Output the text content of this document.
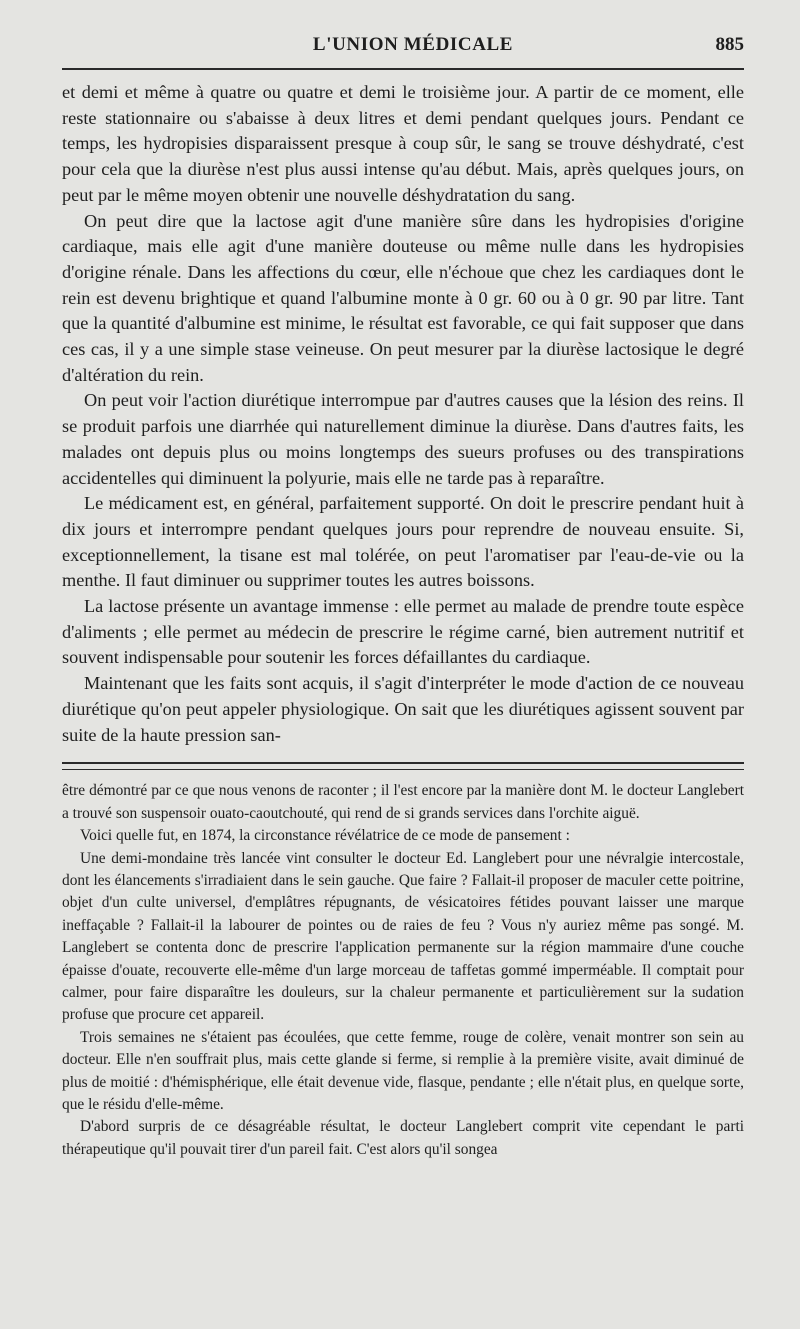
L'UNION MÉDICALE	885

et demi et même à quatre ou quatre et demi le troisième jour. A partir de ce moment, elle reste stationnaire ou s'abaisse à deux litres et demi pendant quelques jours. Pendant ce temps, les hydropisies disparaissent presque à coup sûr, le sang se trouve déshydraté, c'est pour cela que la diurèse n'est plus aussi intense qu'au début. Mais, après quelques jours, on peut par le même moyen obtenir une nouvelle déshydratation du sang.

On peut dire que la lactose agit d'une manière sûre dans les hydropisies d'origine cardiaque, mais elle agit d'une manière douteuse ou même nulle dans les hydropisies d'origine rénale. Dans les affections du cœur, elle n'échoue que chez les cardiaques dont le rein est devenu brightique et quand l'albumine monte à 0 gr. 60 ou à 0 gr. 90 par litre. Tant que la quantité d'albumine est minime, le résultat est favorable, ce qui fait supposer que dans ces cas, il y a une simple stase veineuse. On peut mesurer par la diurèse lactosique le degré d'altération du rein.

On peut voir l'action diurétique interrompue par d'autres causes que la lésion des reins. Il se produit parfois une diarrhée qui naturellement diminue la diurèse. Dans d'autres faits, les malades ont depuis plus ou moins longtemps des sueurs profuses ou des transpirations accidentelles qui diminuent la polyurie, mais elle ne tarde pas à reparaître.

Le médicament est, en général, parfaitement supporté. On doit le prescrire pendant huit à dix jours et interrompre pendant quelques jours pour reprendre de nouveau ensuite. Si, exceptionnellement, la tisane est mal tolérée, on peut l'aromatiser par l'eau-de-vie ou la menthe. Il faut diminuer ou supprimer toutes les autres boissons.

La lactose présente un avantage immense : elle permet au malade de prendre toute espèce d'aliments ; elle permet au médecin de prescrire le régime carné, bien autrement nutritif et souvent indispensable pour soutenir les forces défaillantes du cardiaque.

Maintenant que les faits sont acquis, il s'agit d'interpréter le mode d'action de ce nouveau diurétique qu'on peut appeler physiologique. On sait que les diurétiques agissent souvent par suite de la haute pression san-

être démontré par ce que nous venons de raconter ; il l'est encore par la manière dont M. le docteur Langlebert a trouvé son suspensoir ouato-caoutchouté, qui rend de si grands services dans l'orchite aiguë.

Voici quelle fut, en 1874, la circonstance révélatrice de ce mode de pansement :

Une demi-mondaine très lancée vint consulter le docteur Ed. Langlebert pour une névralgie intercostale, dont les élancements s'irradiaient dans le sein gauche. Que faire ? Fallait-il proposer de maculer cette poitrine, objet d'un culte universel, d'emplâtres répugnants, de vésicatoires fétides pouvant laisser une marque ineffaçable ? Fallait-il la labourer de pointes ou de raies de feu ? Vous n'y auriez même pas songé. M. Langlebert se contenta donc de prescrire l'application permanente sur la région mammaire d'une couche épaisse d'ouate, recouverte elle-même d'un large morceau de taffetas gommé imperméable. Il comptait pour calmer, pour faire disparaître les douleurs, sur la chaleur permanente et particulièrement sur la sudation profuse que procure cet appareil.

Trois semaines ne s'étaient pas écoulées, que cette femme, rouge de colère, venait montrer son sein au docteur. Elle n'en souffrait plus, mais cette glande si ferme, si remplie à la première visite, avait diminué de plus de moitié : d'hémisphérique, elle était devenue vide, flasque, pendante ; elle n'était plus, en quelque sorte, que le résidu d'elle-même.

D'abord surpris de ce désagréable résultat, le docteur Langlebert comprit vite cependant le parti thérapeutique qu'il pouvait tirer d'un pareil fait. C'est alors qu'il songea
